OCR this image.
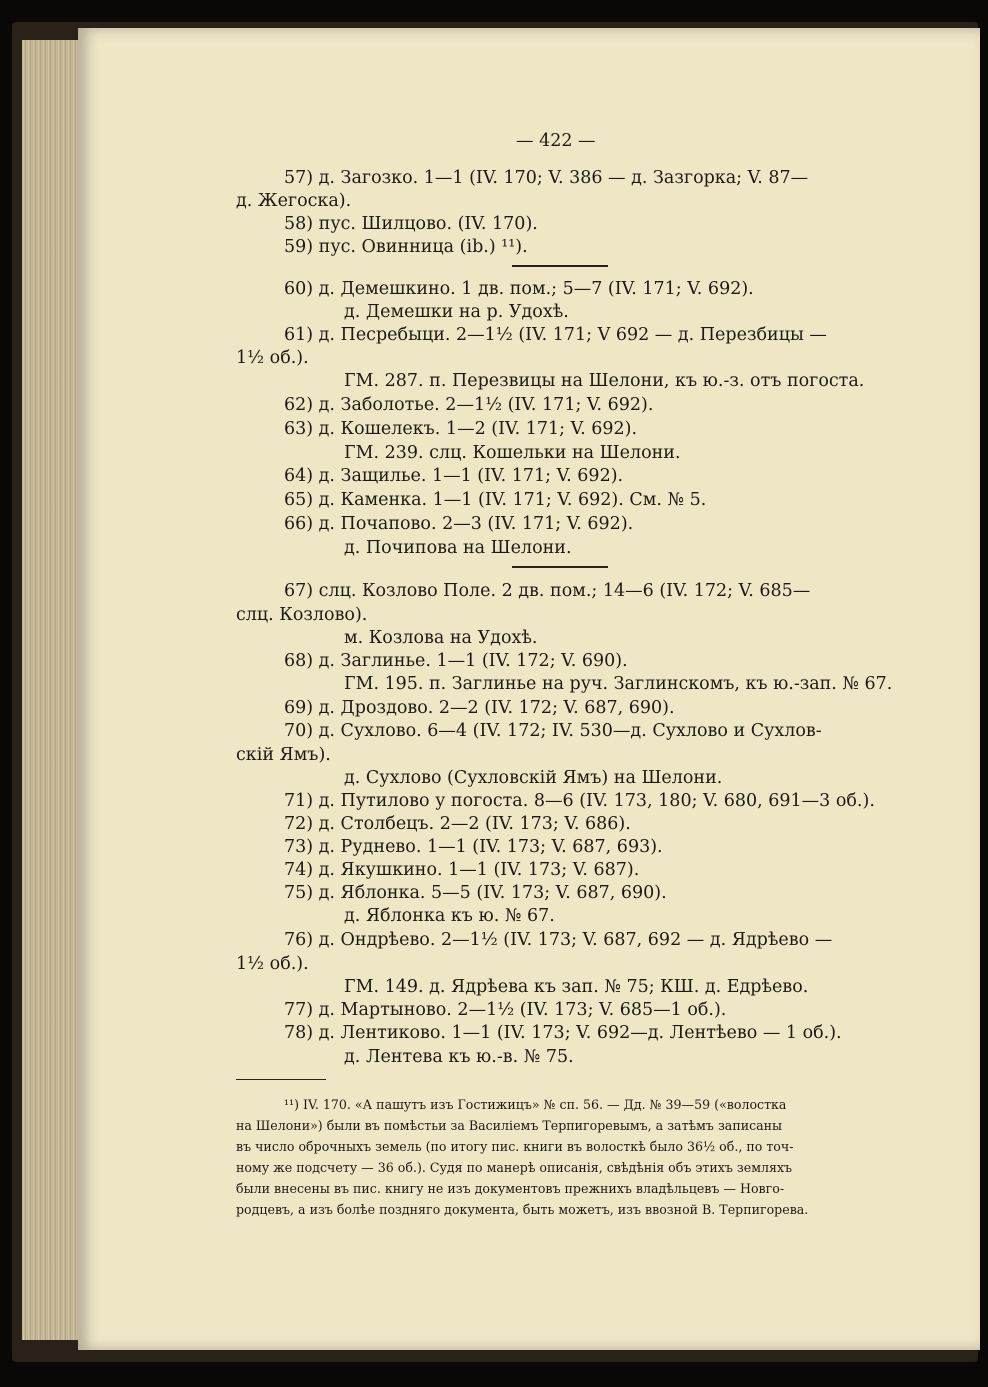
— 422 —
57) д. Загозко. 1—1 (IV. 170; V. 386 — д. Зазгорка; V. 87—
д. Жегоска).
58) пус. Шилцово. (IV. 170).
59) пус. Овинница (ib.) ¹¹).
60) д. Демешкино. 1 дв. пом.; 5—7 (IV. 171; V. 692).
д. Демешки на р. Удохѣ.
61) д. Песребыци. 2—1½ (IV. 171; V 692 — д. Перезбицы —
1½ об.).
ГМ. 287. п. Перезвицы на Шелони, къ ю.-з. отъ погоста.
62) д. Заболотье. 2—1½ (IV. 171; V. 692).
63) д. Кошелекъ. 1—2 (IV. 171; V. 692).
ГМ. 239. слц. Кошельки на Шелони.
64) д. Защилье. 1—1 (IV. 171; V. 692).
65) д. Каменка. 1—1 (IV. 171; V. 692). См. № 5.
66) д. Почапово. 2—3 (IV. 171; V. 692).
д. Почипова на Шелони.
67) слц. Козлово Поле. 2 дв. пом.; 14—6 (IV. 172; V. 685—
слц. Козлово).
м. Козлова на Удохѣ.
68) д. Заглинье. 1—1 (IV. 172; V. 690).
ГМ. 195. п. Заглинье на руч. Заглинскомъ, къ ю.-зап. № 67.
69) д. Дроздово. 2—2 (IV. 172; V. 687, 690).
70) д. Сухлово. 6—4 (IV. 172; IV. 530—д. Сухлово и Сухлов-
скій Ямъ).
д. Сухлово (Сухловскій Ямъ) на Шелони.
71) д. Путилово у погоста. 8—6 (IV. 173, 180; V. 680, 691—3 об.).
72) д. Столбецъ. 2—2 (IV. 173; V. 686).
73) д. Руднево. 1—1 (IV. 173; V. 687, 693).
74) д. Якушкино. 1—1 (IV. 173; V. 687).
75) д. Яблонка. 5—5 (IV. 173; V. 687, 690).
д. Яблонка къ ю. № 67.
76) д. Ондрѣево. 2—1½ (IV. 173; V. 687, 692 — д. Ядрѣево —
1½ об.).
ГМ. 149. д. Ядрѣева къ зап. № 75; КШ. д. Едрѣево.
77) д. Мартыново. 2—1½ (IV. 173; V. 685—1 об.).
78) д. Лентиково. 1—1 (IV. 173; V. 692—д. Лентѣево — 1 об.).
д. Лентева къ ю.-в. № 75.
¹¹) IV. 170. «А пашутъ изъ Гостижицъ» № сп. 56. — Дд. № 39—59 («волостка
на Шелони») были въ помѣстьи за Василіемъ Терпигоревымъ, а затѣмъ записаны
въ число оброчныхъ земель (по итогу пис. книги въ волосткѣ было 36½ об., по точ-
ному же подсчету — 36 об.). Судя по манерѣ описанія, свѣдѣнія объ этихъ земляхъ
были внесены въ пис. книгу не изъ документовъ прежнихъ владѣльцевъ — Новго-
родцевъ, а изъ болѣе поздняго документа, быть можетъ, изъ ввозной В. Терпигорева.
